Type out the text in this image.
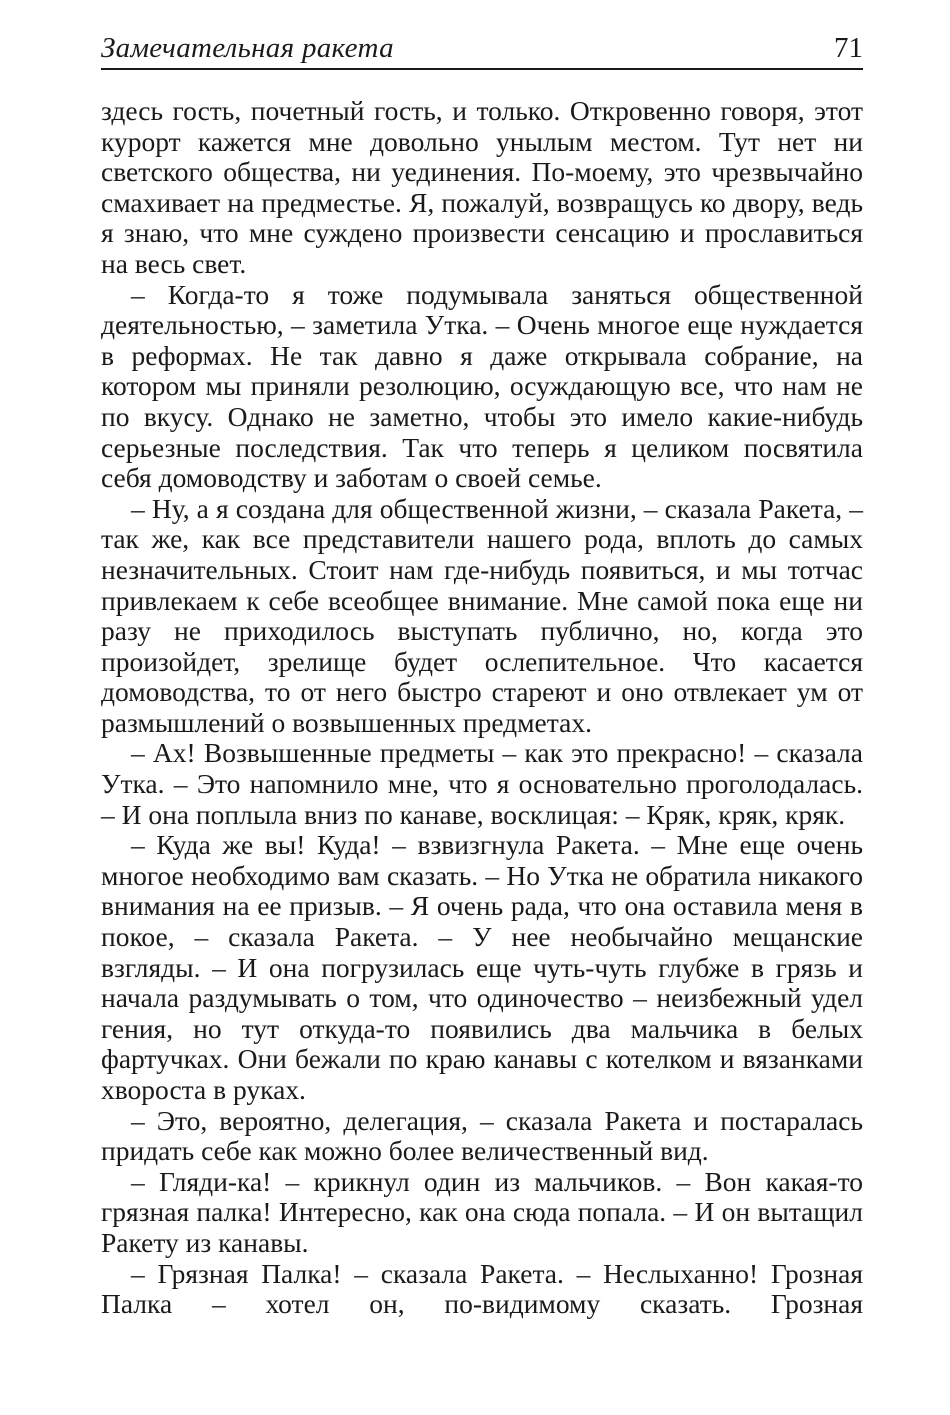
Замечательная ракета	71

здесь гость, почетный гость, и только. Откровенно говоря, этот курорт кажется мне довольно унылым местом. Тут нет ни светского общества, ни уединения. По-моему, это чрезвычайно смахивает на предместье. Я, пожалуй, возвращусь ко двору, ведь я знаю, что мне суждено произвести сенсацию и прославиться на весь свет.

– Когда-то я тоже подумывала заняться общественной деятельностью, – заметила Утка. – Очень многое еще нуждается в реформах. Не так давно я даже открывала собрание, на котором мы приняли резолюцию, осуждающую все, что нам не по вкусу. Однако не заметно, чтобы это имело какие-нибудь серьезные последствия. Так что теперь я целиком посвятила себя домоводству и заботам о своей семье.

– Ну, а я создана для общественной жизни, – сказала Ракета, – так же, как все представители нашего рода, вплоть до самых незначительных. Стоит нам где-нибудь появиться, и мы тотчас привлекаем к себе всеобщее внимание. Мне самой пока еще ни разу не приходилось выступать публично, но, когда это произойдет, зрелище будет ослепительное. Что касается домоводства, то от него быстро стареют и оно отвлекает ум от размышлений о возвышенных предметах.

– Ах! Возвышенные предметы – как это прекрасно! – сказала Утка. – Это напомнило мне, что я основательно проголодалась. – И она поплыла вниз по канаве, восклицая: – Кряк, кряк, кряк.

– Куда же вы! Куда! – взвизгнула Ракета. – Мне еще очень многое необходимо вам сказать. – Но Утка не обратила никакого внимания на ее призыв. – Я очень рада, что она оставила меня в покое, – сказала Ракета. – У нее необычайно мещанские взгляды. – И она погрузилась еще чуть-чуть глубже в грязь и начала раздумывать о том, что одиночество – неизбежный удел гения, но тут откуда-то появились два мальчика в белых фартучках. Они бежали по краю канавы с котелком и вязанками хвороста в руках.

– Это, вероятно, делегация, – сказала Ракета и постаралась придать себе как можно более величественный вид.

– Гляди-ка! – крикнул один из мальчиков. – Вон какая-то грязная палка! Интересно, как она сюда попала. – И он вытащил Ракету из канавы.

– Грязная Палка! – сказала Ракета. – Неслыханно! Грозная Палка – хотел он, по-видимому сказать. Грозная
